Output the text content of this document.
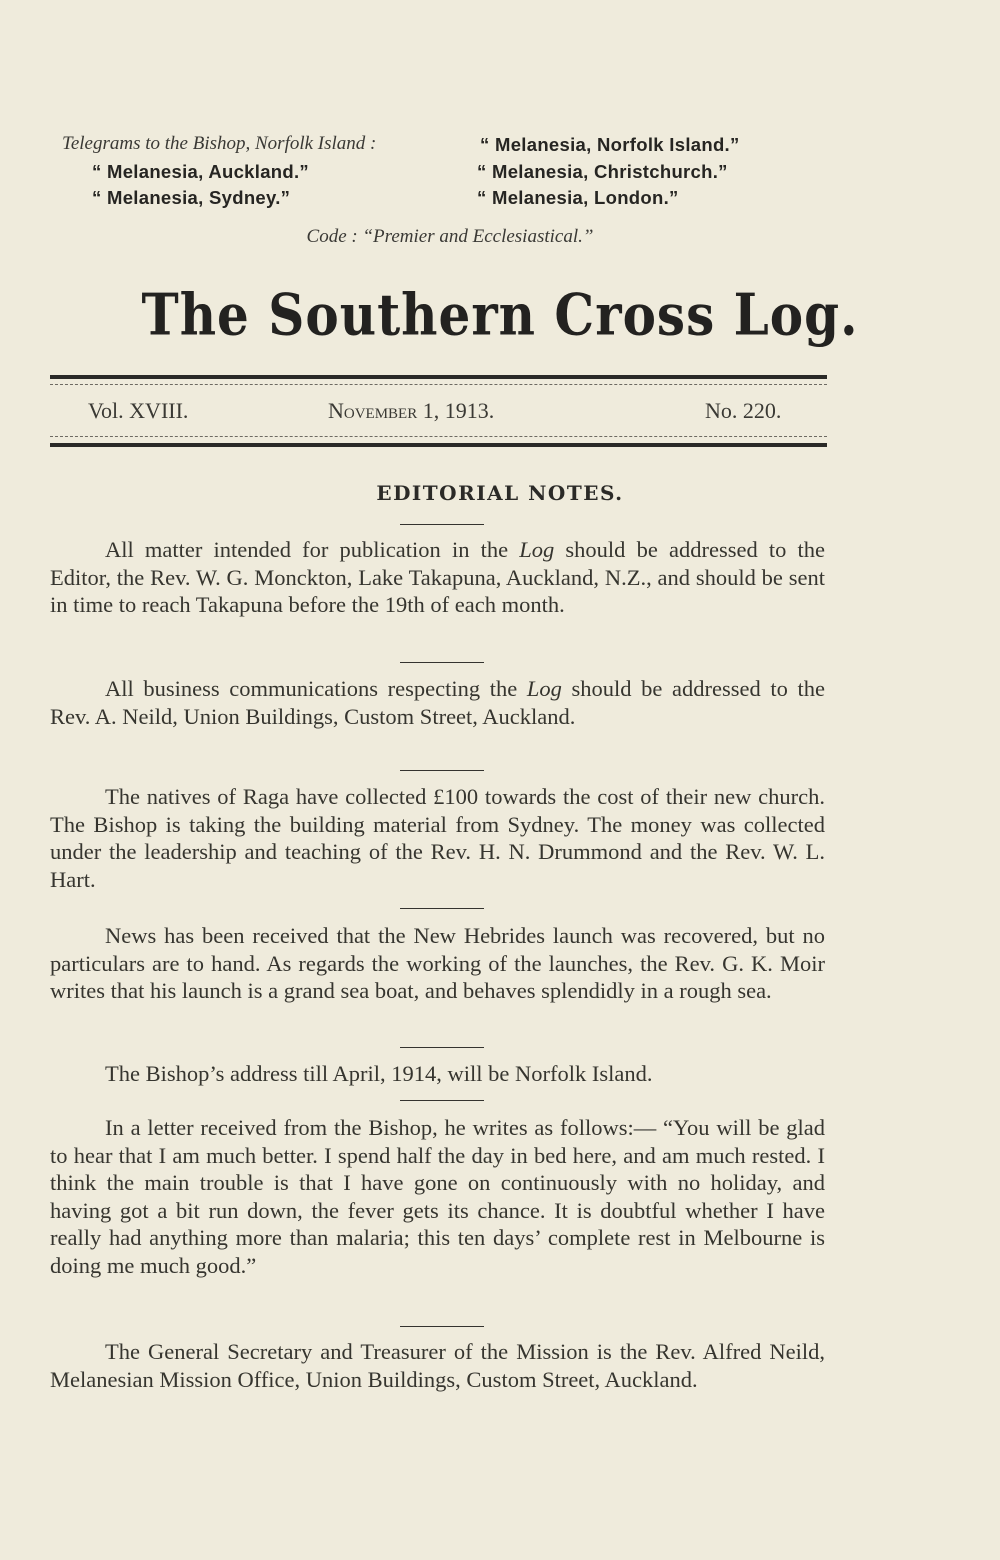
Telegrams to the Bishop, Norfolk Island :	“ Melanesia, Norfolk Island.”
“ Melanesia, Auckland.”	“ Melanesia, Christchurch.”
“ Melanesia, Sydney.”	“ Melanesia, London.”
Code : “Premier and Ecclesiastical.”
The Southern Cross Log.
Vol. XVIII.	November 1, 1913.	No. 220.
EDITORIAL NOTES.
All matter intended for publication in the Log should be addressed to the Editor, the Rev. W. G. Monckton, Lake Takapuna, Auckland, N.Z., and should be sent in time to reach Takapuna before the 19th of each month.
All business communications respecting the Log should be addressed to the Rev. A. Neild, Union Buildings, Custom Street, Auckland.
The natives of Raga have collected £100 towards the cost of their new church. The Bishop is taking the building material from Sydney. The money was collected under the leadership and teaching of the Rev. H. N. Drummond and the Rev. W. L. Hart.
News has been received that the New Hebrides launch was recovered, but no particulars are to hand. As regards the working of the launches, the Rev. G. K. Moir writes that his launch is a grand sea boat, and behaves splendidly in a rough sea.
The Bishop’s address till April, 1914, will be Norfolk Island.
In a letter received from the Bishop, he writes as follows:— “You will be glad to hear that I am much better. I spend half the day in bed here, and am much rested. I think the main trouble is that I have gone on continuously with no holiday, and having got a bit run down, the fever gets its chance. It is doubtful whether I have really had anything more than malaria; this ten days’ complete rest in Melbourne is doing me much good.”
The General Secretary and Treasurer of the Mission is the Rev. Alfred Neild, Melanesian Mission Office, Union Buildings, Custom Street, Auckland.
